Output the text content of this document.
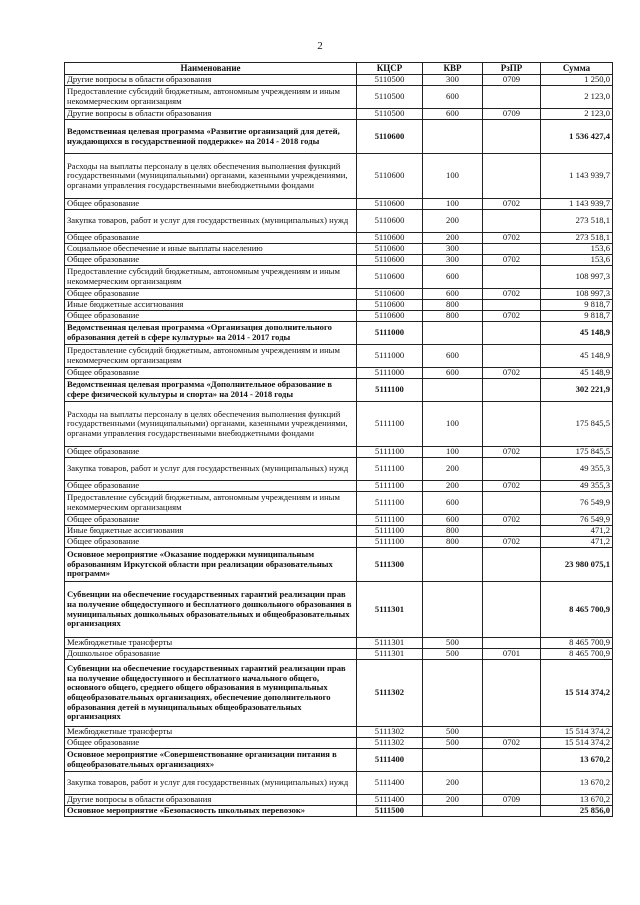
2
Наименование	КЦСР	КВР	РзПР	Сумма
Другие вопросы в области образования	5110500	300	0709	1 250,0
Предоставление субсидий бюджетным, автономным учреждениям и иным некоммерческим организациям	5110500	600		2 123,0
Другие вопросы в области образования	5110500	600	0709	2 123,0
Ведомственная целевая программа «Развитие организаций для детей, нуждающихся в государственной поддержке» на 2014 - 2018 годы	5110600			1 536 427,4
Расходы на выплаты персоналу в целях обеспечения выполнения функций государственными (муниципальными) органами, казенными учреждениями, органами управления государственными внебюджетными фондами	5110600	100		1 143 939,7
Общее образование	5110600	100	0702	1 143 939,7
Закупка товаров, работ и услуг для государственных (муниципальных) нужд	5110600	200		273 518,1
Общее образование	5110600	200	0702	273 518,1
Социальное обеспечение и иные выплаты населению	5110600	300		153,6
Общее образование	5110600	300	0702	153,6
Предоставление субсидий бюджетным, автономным учреждениям и иным некоммерческим организациям	5110600	600		108 997,3
Общее образование	5110600	600	0702	108 997,3
Иные бюджетные ассигнования	5110600	800		9 818,7
Общее образование	5110600	800	0702	9 818,7
Ведомственная целевая программа «Организация дополнительного образования детей в сфере культуры» на 2014 - 2017 годы	5111000			45 148,9
Предоставление субсидий бюджетным, автономным учреждениям и иным некоммерческим организациям	5111000	600		45 148,9
Общее образование	5111000	600	0702	45 148,9
Ведомственная целевая программа «Дополнительное образование в сфере физической культуры и спорта» на 2014 - 2018 годы	5111100			302 221,9
Расходы на выплаты персоналу в целях обеспечения выполнения функций государственными (муниципальными) органами, казенными учреждениями, органами управления государственными внебюджетными фондами	5111100	100		175 845,5
Общее образование	5111100	100	0702	175 845,5
Закупка товаров, работ и услуг для государственных (муниципальных) нужд	5111100	200		49 355,3
Общее образование	5111100	200	0702	49 355,3
Предоставление субсидий бюджетным, автономным учреждениям и иным некоммерческим организациям	5111100	600		76 549,9
Общее образование	5111100	600	0702	76 549,9
Иные бюджетные ассигнования	5111100	800		471,2
Общее образование	5111100	800	0702	471,2
Основное мероприятие «Оказание поддержки муниципальным образованиям Иркутской области при реализации образовательных программ»	5111300			23 980 075,1
Субвенции на обеспечение государственных гарантий реализации прав на получение общедоступного и бесплатного дошкольного образования в муниципальных дошкольных образовательных и общеобразовательных организациях	5111301			8 465 700,9
Межбюджетные трансферты	5111301	500		8 465 700,9
Дошкольное образование	5111301	500	0701	8 465 700,9
Субвенции на обеспечение государственных гарантий реализации прав на получение общедоступного и бесплатного начального общего, основного общего, среднего общего образования в муниципальных общеобразовательных организациях, обеспечение дополнительного образования детей в муниципальных общеобразовательных организациях	5111302			15 514 374,2
Межбюджетные трансферты	5111302	500		15 514 374,2
Общее образование	5111302	500	0702	15 514 374,2
Основное мероприятие «Совершенствование организации питания в общеобразовательных организациях»	5111400			13 670,2
Закупка товаров, работ и услуг для государственных (муниципальных) нужд	5111400	200		13 670,2
Другие вопросы в области образования	5111400	200	0709	13 670,2
Основное мероприятие «Безопасность школьных перевозок»	5111500			25 856,0
